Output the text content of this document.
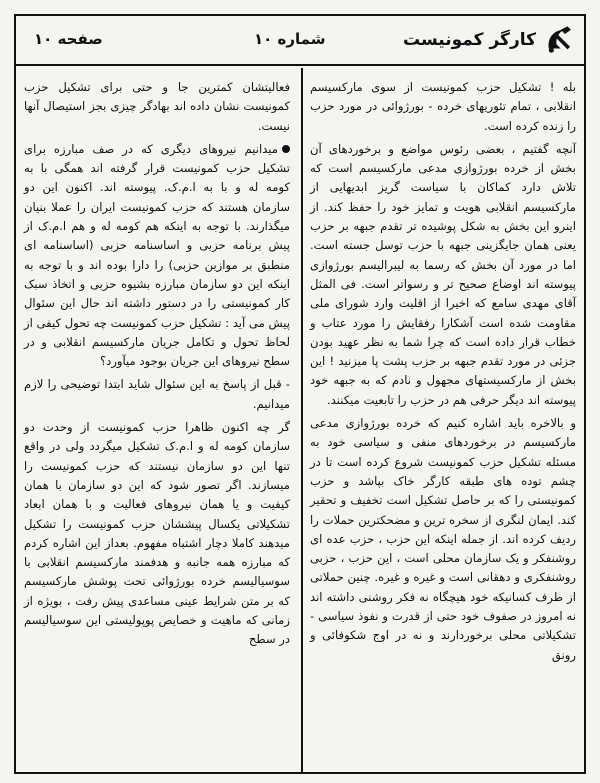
کارگر کمونیست
شماره ۱۰
صفحه ۱۰

بله ! تشکیل حزب کمونیست از سوی مارکسیسم انقلابی ، تمام تئوریهای خرده - بورژوائی در مورد حزب را زنده کرده است.

آنچه گفتیم ، بعضی رئوس مواضع و برخوردهای آن بخش از خرده بورژوازی مدعی مارکسیسم است که تلاش دارد کماکان با سیاست گریز ابدیهایی از مارکسیسم انقلابی هویت و تمایز خود را حفظ کند. از اینرو این بخش به شکل پوشیده تر تقدم جبهه بر حزب یعنی همان جایگزینی جبهه با حزب توسل جسته است. اما در مورد آن بخش که رسما به لیبرالیسم بورژوازی پیوسته اند اوضاع صحیح تر و رسواتر است. فی المثل آقای مهدی سامع که اخیرا از اقلیت وارد شورای ملی مقاومت شده است آشکارا رفقایش را مورد عتاب و خطاب قرار داده است که چرا شما به نظر عهید بودن جزئی در مورد تقدم جبهه بر حزب پشت پا میزنید ! این بخش از مارکسیستهای مجهول و نادم که به جبهه خود پیوسته اند دیگر حرفی هم در حزب را تابعیت میکنند.

و بالاخره باید اشاره کنیم که خرده بورژوازی مدعی مارکسیسم در برخوردهای منفی و سیاسی خود به مسئله تشکیل حزب کمونیست شروع کرده است تا در چشم توده های طبقه کارگر خاک بپاشد و حزب کمونیستی را که بر حاصل تشکیل است تخفیف و تحقیر کند. ایمان لنگری از سخره ترین و مضحکترین حملات را ردیف کرده اند. از جمله اینکه این حزب ، حزب عده ای روشنفکر و یک سازمان محلی است ، این حزب ، حزبی روشنفکری و دهقانی است و غیره و غیره. چنین حملاتی از طرف کسانیکه خود هیچگاه نه فکر روشنی داشته اند نه امروز در صفوف خود حتی از قدرت و نفوذ سیاسی - تشکیلاتی محلی برخوردارند و نه در اوج شکوفائی و رونق

فعالیتشان کمترین جا و حتی برای تشکیل حزب کمونیست نشان داده اند بهادگر چیزی بجز استیصال آنها نیست.

میدانیم نیروهای دیگری که در صف مبارزه برای تشکیل حزب کمونیست قرار گرفته اند همگی با به کومه له و با به ا.م.ک. پیوسته اند. اکنون این دو سازمان هستند که حزب کمونیست ایران را عملا بنیان میگذارند. با توجه به اینکه هم کومه له و هم ا.م.ک از پیش برنامه حزبی و اساسنامه حزبی (اساسنامه ای منطبق بر موازین حزبی) را دارا بوده اند و با توجه به اینکه این دو سازمان مبارزه بشیوه حزبی و اتخاذ سبک کار کمونیستی را در دستور داشته اند حال این سئوال پیش می آید : تشکیل حزب کمونیست چه تحول کیفی از لحاظ تحول و تکامل جریان مارکسیسم انقلابی و در سطح نیروهای این جریان بوجود میآورد؟

- قبل از پاسخ به این سئوال شاید ابتدا توضیحی را لازم میدانیم.

گر چه اکنون ظاهرا حزب کمونیست از وحدت دو سازمان کومه له و ا.م.ک تشکیل میگردد ولی در واقع تنها این دو سازمان نیستند که حزب کمونیست را میسازند. اگر تصور شود که این دو سازمان با همان کیفیت و یا همان نیروهای فعالیت و با همان ابعاد تشکیلاتی یکسال پیششان حزب کمونیست را تشکیل میدهند کاملا دچار اشتباه مفهوم. بعداز این اشاره کردم که مبارزه همه جانبه و هدفمند مارکسیسم انقلابی با سوسیالیسم خرده بورژوائی تحت پوشش مارکسیسم که بر متن شرایط عینی مساعدی پیش رفت ، بویژه از زمانی که ماهیت و خصایص پوپولیستی این سوسیالیسم در سطح
